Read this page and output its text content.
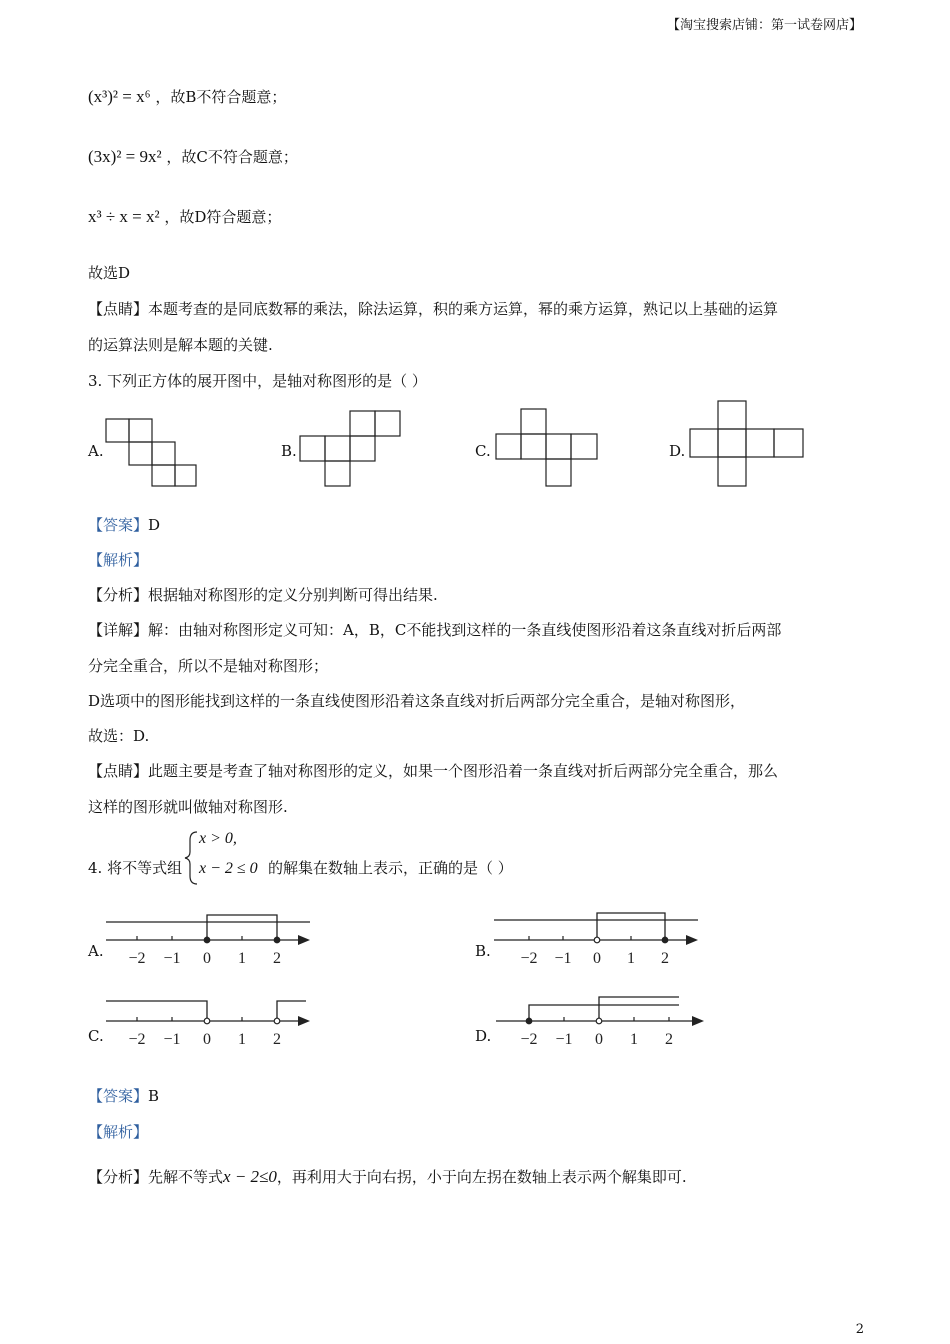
【淘宝搜索店铺：第一试卷网店】
(x³)² = x⁶ ，故B不符合题意；
(3x)² = 9x² ，故C不符合题意；
x³ ÷ x = x² ，故D符合题意；
故选D
【点睛】本题考查的是同底数幂的乘法，除法运算，积的乘方运算，幂的乘方运算，熟记以上基础的运算
的运算法则是解本题的关键.
3. 下列正方体的展开图中，是轴对称图形的是（ ）
A.	B.	C.	D.
【答案】D
【解析】
【分析】根据轴对称图形的定义分别判断可得出结果.
【详解】解：由轴对称图形定义可知：A，B，C不能找到这样的一条直线使图形沿着这条直线对折后两部
分完全重合，所以不是轴对称图形；
D选项中的图形能找到这样的一条直线使图形沿着这条直线对折后两部分完全重合，是轴对称图形，
故选：D.
【点睛】此题主要是考查了轴对称图形的定义，如果一个图形沿着一条直线对折后两部分完全重合，那么
这样的图形就叫做轴对称图形.
4. 将不等式组
x > 0,
x − 2 ≤ 0 的解集在数轴上表示，正确的是（ ）
A.	B.
C.	D.
−2 −1 0 1 2	−2 −1 0 1 2
−2 −1 0 1 2	−2 −1 0 1 2
【答案】B
【解析】
【分析】先解不等式x − 2≤0，再利用大于向右拐，小于向左拐在数轴上表示两个解集即可.
2
